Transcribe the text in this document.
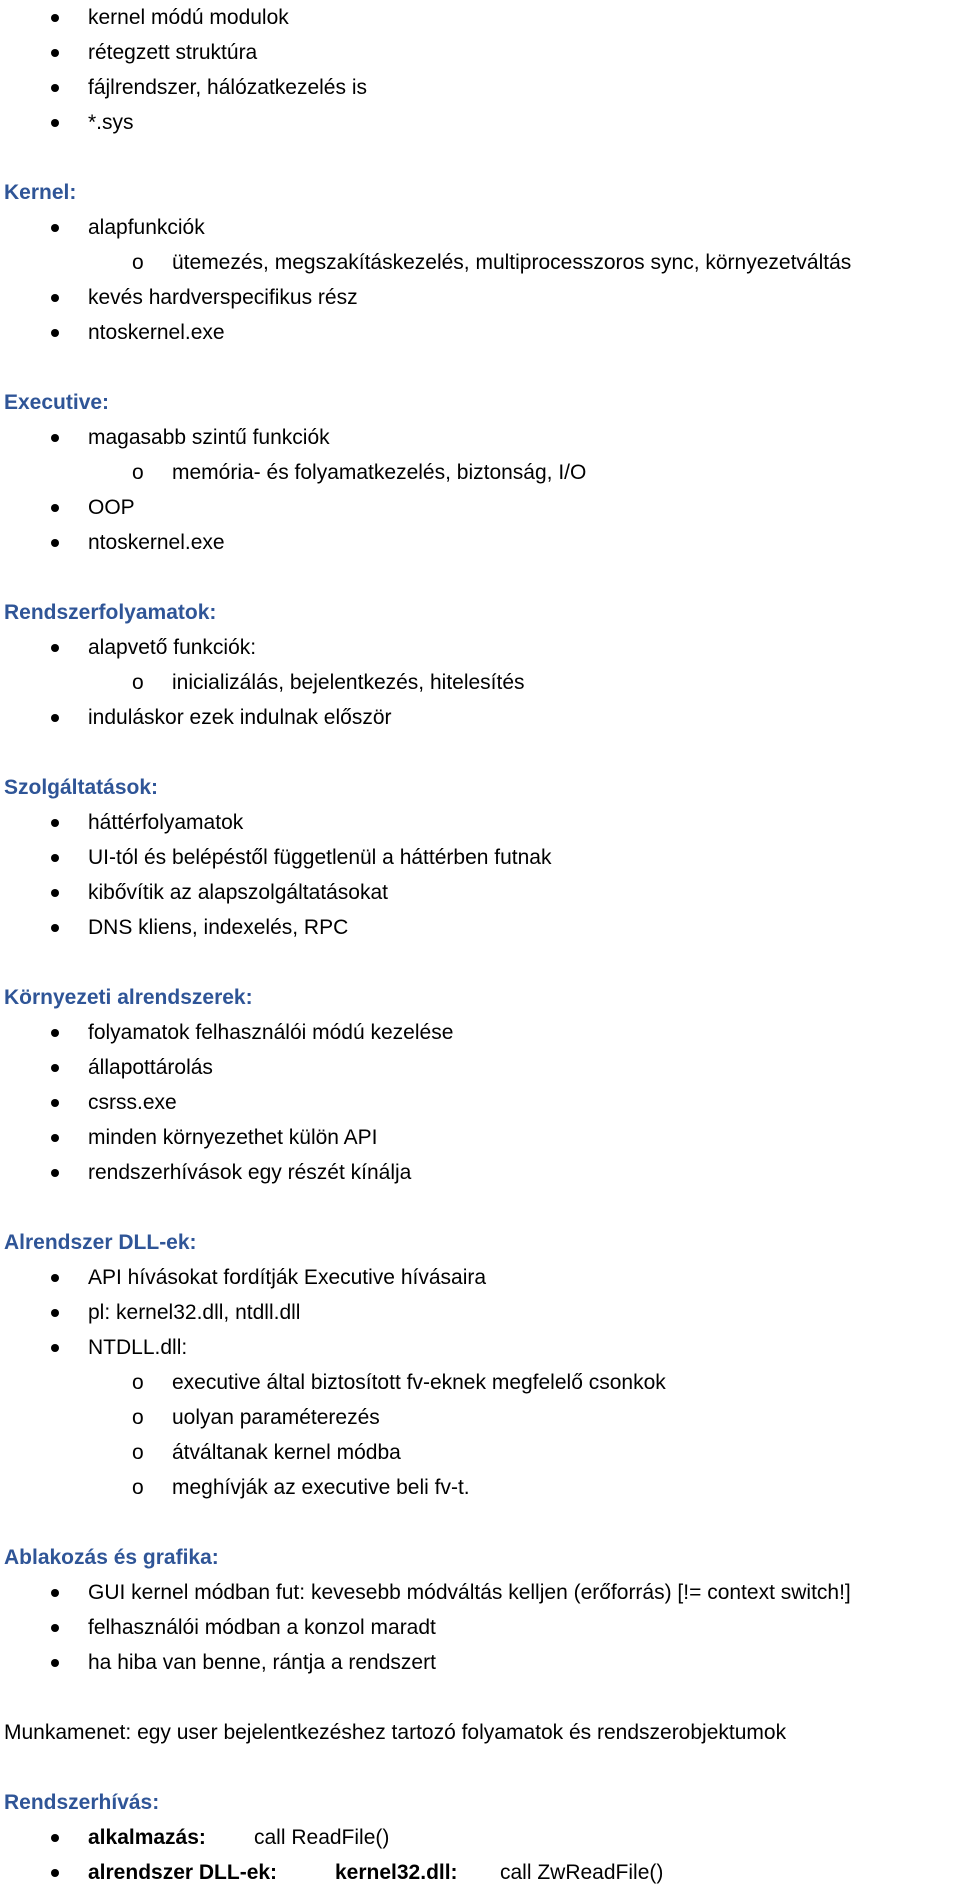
kernel módú modulok
rétegzett struktúra
fájlrendszer, hálózatkezelés is
*.sys
Kernel:
alapfunkciók
o ütemezés, megszakításkezelés, multiprocesszoros sync, környezetváltás
kevés hardverspecifikus rész
ntoskernel.exe
Executive:
magasabb szintű funkciók
o memória- és folyamatkezelés, biztonság, I/O
OOP
ntoskernel.exe
Rendszerfolyamatok:
alapvető funkciók:
o inicializálás, bejelentkezés, hitelesítés
induláskor ezek indulnak először
Szolgáltatások:
háttérfolyamatok
UI-tól és belépéstől függetlenül a háttérben futnak
kibővítik az alapszolgáltatásokat
DNS kliens, indexelés, RPC
Környezeti alrendszerek:
folyamatok felhasználói módú kezelése
állapottárolás
csrss.exe
minden környezethet külön API
rendszerhívások egy részét kínálja
Alrendszer DLL-ek:
API hívásokat fordítják Executive hívásaira
pl: kernel32.dll, ntdll.dll
NTDLL.dll:
o executive által biztosított fv-eknek megfelelő csonkok
o uolyan paraméterezés
o átváltanak kernel módba
o meghívják az executive beli fv-t.
Ablakozás és grafika:
GUI kernel módban fut: kevesebb módváltás kelljen (erőforrás) [!= context switch!]
felhasználói módban a konzol maradt
ha hiba van benne, rántja a rendszert
Munkamenet: egy user bejelentkezéshez tartozó folyamatok és rendszerobjektumok
Rendszerhívás:
alkalmazás: call ReadFile()
alrendszer DLL-ek:	kernel32.dll: call ZwReadFile()
